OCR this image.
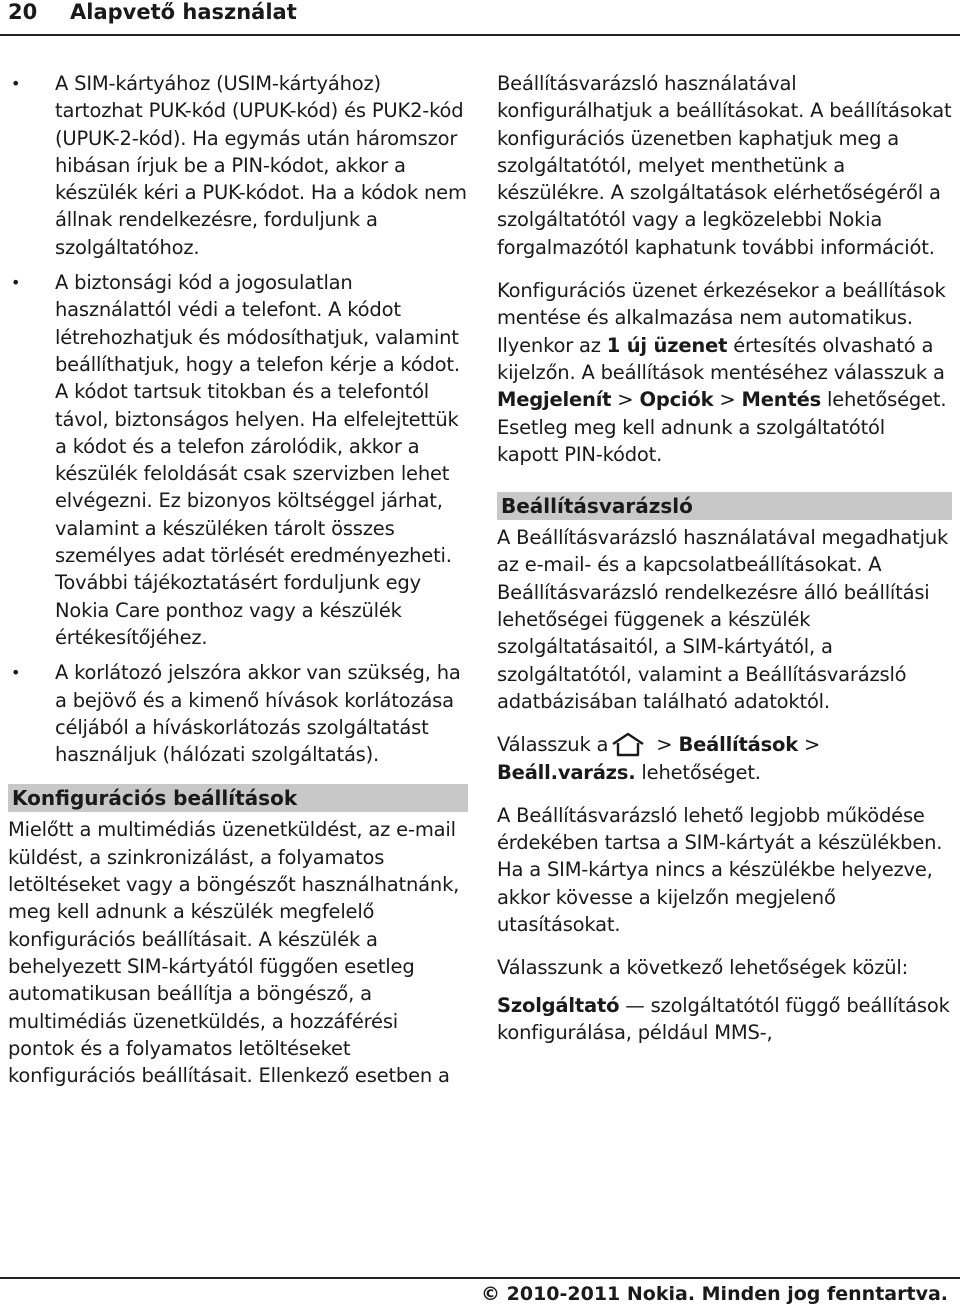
20 Alapvető használat
• A SIM-kártyához (USIM-kártyához) tartozhat PUK-kód (UPUK-kód) és PUK2-kód (UPUK-2-kód). Ha egymás után háromszor hibásan írjuk be a PIN-kódot, akkor a készülék kéri a PUK-kódot. Ha a kódok nem állnak rendelkezésre, forduljunk a szolgáltatóhoz.
• A biztonsági kód a jogosulatlan használattól védi a telefont. A kódot létrehozhatjuk és módosíthatjuk, valamint beállíthatjuk, hogy a telefon kérje a kódot. A kódot tartsuk titokban és a telefontól távol, biztonságos helyen. Ha elfelejtettük a kódot és a telefon zárolódik, akkor a készülék feloldását csak szervizben lehet elvégezni. Ez bizonyos költséggel járhat, valamint a készüléken tárolt összes személyes adat törlését eredményezheti. További tájékoztatásért forduljunk egy Nokia Care ponthoz vagy a készülék értékesítőjéhez.
• A korlátozó jelszóra akkor van szükség, ha a bejövő és a kimenő hívások korlátozása céljából a híváskorlátozás szolgáltatást használjuk (hálózati szolgáltatás).
Konfigurációs beállítások

Mielőtt a multimédiás üzenetküldést, az e-mail küldést, a szinkronizálást, a folyamatos letöltéseket vagy a böngészőt használhatnánk, meg kell adnunk a készülék megfelelő konfigurációs beállításait. A készülék a behelyezett SIM-kártyától függően esetleg automatikusan beállítja a böngésző, a multimédiás üzenetküldés, a hozzáférési pontok és a folyamatos letöltéseket konfigurációs beállításait. Ellenkező esetben a

Beállításvarázsló használatával konfigurálhatjuk a beállításokat. A beállításokat konfigurációs üzenetben kaphatjuk meg a szolgáltatótól, melyet menthetünk a készülékre. A szolgáltatások elérhetőségéről a szolgáltatótól vagy a legközelebbi Nokia forgalmazótól kaphatunk további információt.

Konfigurációs üzenet érkezésekor a beállítások mentése és alkalmazása nem automatikus. Ilyenkor az 1 új üzenet értesítés olvasható a kijelzőn. A beállítások mentéséhez válasszuk a Megjelenít > Opciók > Mentés lehetőséget. Esetleg meg kell adnunk a szolgáltatótól kapott PIN-kódot.

Beállításvarázsló

A Beállításvarázsló használatával megadhatjuk az e-mail- és a kapcsolatbeállításokat. A Beállításvarázsló rendelkezésre álló beállítási lehetőségei függenek a készülék szolgáltatásaitól, a SIM-kártyától, a szolgáltatótól, valamint a Beállításvarázsló adatbázisában található adatoktól.

Válasszuk a > Beállítások > Beáll.varázs. lehetőséget.

A Beállításvarázsló lehető legjobb működése érdekében tartsa a SIM-kártyát a készülékben. Ha a SIM-kártya nincs a készülékbe helyezve, akkor kövesse a kijelzőn megjelenő utasításokat.

Válasszunk a következő lehetőségek közül:

Szolgáltató — szolgáltatótól függő beállítások konfigurálása, például MMS-,

© 2010-2011 Nokia. Minden jog fenntartva.
